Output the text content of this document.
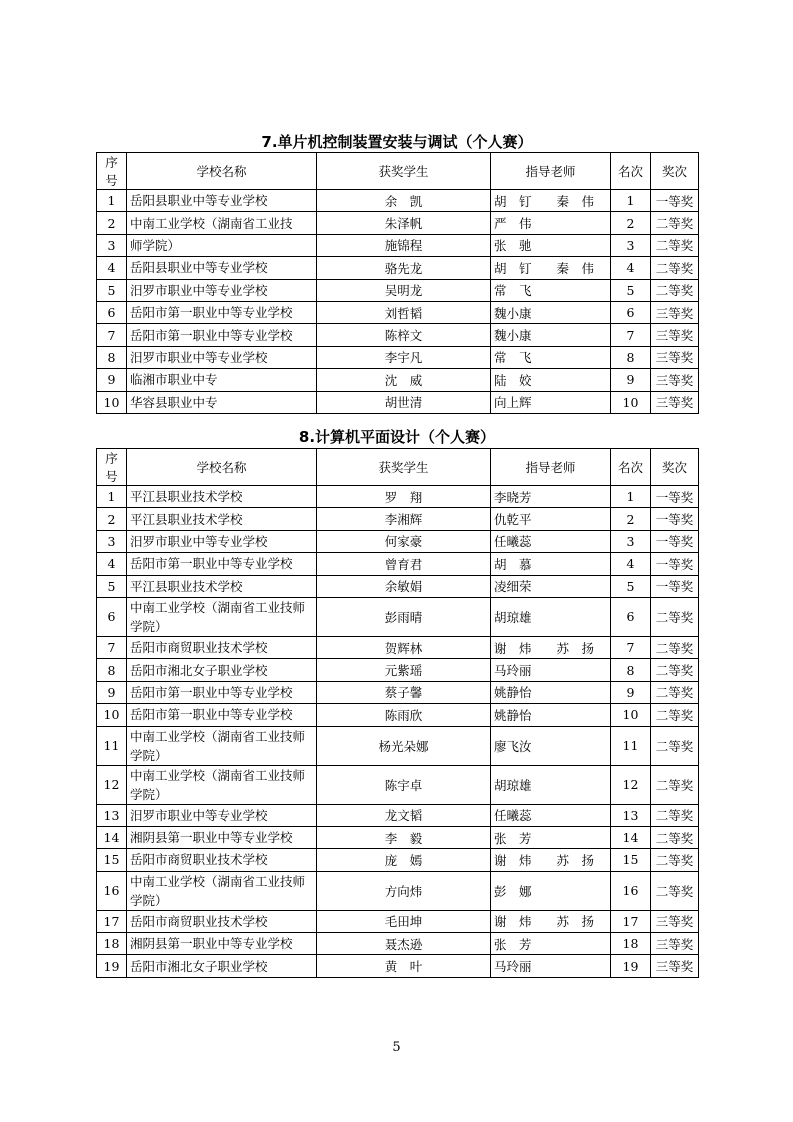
7.单片机控制装置安装与调试（个人赛）
序号	学校名称	获奖学生	指导老师	名次	奖次
1	岳阳县职业中等专业学校	余　凯	胡　钉　　秦　伟	1	一等奖
2	中南工业学校（湖南省工业技	朱泽帆	严　伟	2	二等奖
3	师学院）	施锦程	张　驰	3	二等奖
4	岳阳县职业中等专业学校	骆先龙	胡　钉　　秦　伟	4	二等奖
5	汨罗市职业中等专业学校	吴明龙	常　飞	5	二等奖
6	岳阳市第一职业中等专业学校	刘哲韬	魏小康	6	三等奖
7	岳阳市第一职业中等专业学校	陈梓文	魏小康	7	三等奖
8	汨罗市职业中等专业学校	李宇凡	常　飞	8	三等奖
9	临湘市职业中专	沈　威	陆　姣	9	三等奖
10	华容县职业中专	胡世清	向上辉	10	三等奖
8.计算机平面设计（个人赛）
序号	学校名称	获奖学生	指导老师	名次	奖次
1	平江县职业技术学校	罗　翔	李晓芳	1	一等奖
2	平江县职业技术学校	李湘辉	仇乾平	2	一等奖
3	汨罗市职业中等专业学校	何家豪	任曦蕊	3	一等奖
4	岳阳市第一职业中等专业学校	曾育君	胡　慕	4	一等奖
5	平江县职业技术学校	余敏娟	凌细荣	5	一等奖
6	中南工业学校（湖南省工业技师学院）	彭雨晴	胡琼雄	6	二等奖
7	岳阳市商贸职业技术学校	贺辉林	谢　炜　　苏　扬	7	二等奖
8	岳阳市湘北女子职业学校	元紫瑶	马玲丽	8	二等奖
9	岳阳市第一职业中等专业学校	蔡子馨	姚静怡	9	二等奖
10	岳阳市第一职业中等专业学校	陈雨欣	姚静怡	10	二等奖
11	中南工业学校（湖南省工业技师学院）	杨光朵娜	廖飞汝	11	二等奖
12	中南工业学校（湖南省工业技师学院）	陈宇卓	胡琼雄	12	二等奖
13	汨罗市职业中等专业学校	龙文韬	任曦蕊	13	二等奖
14	湘阴县第一职业中等专业学校	李　毅	张　芳	14	二等奖
15	岳阳市商贸职业技术学校	庞　嫣	谢　炜　　苏　扬	15	二等奖
16	中南工业学校（湖南省工业技师学院）	方向炜	彭　娜	16	二等奖
17	岳阳市商贸职业技术学校	毛田坤	谢　炜　　苏　扬	17	三等奖
18	湘阴县第一职业中等专业学校	聂杰逊	张　芳	18	三等奖
19	岳阳市湘北女子职业学校	黄　叶	马玲丽	19	三等奖
5
